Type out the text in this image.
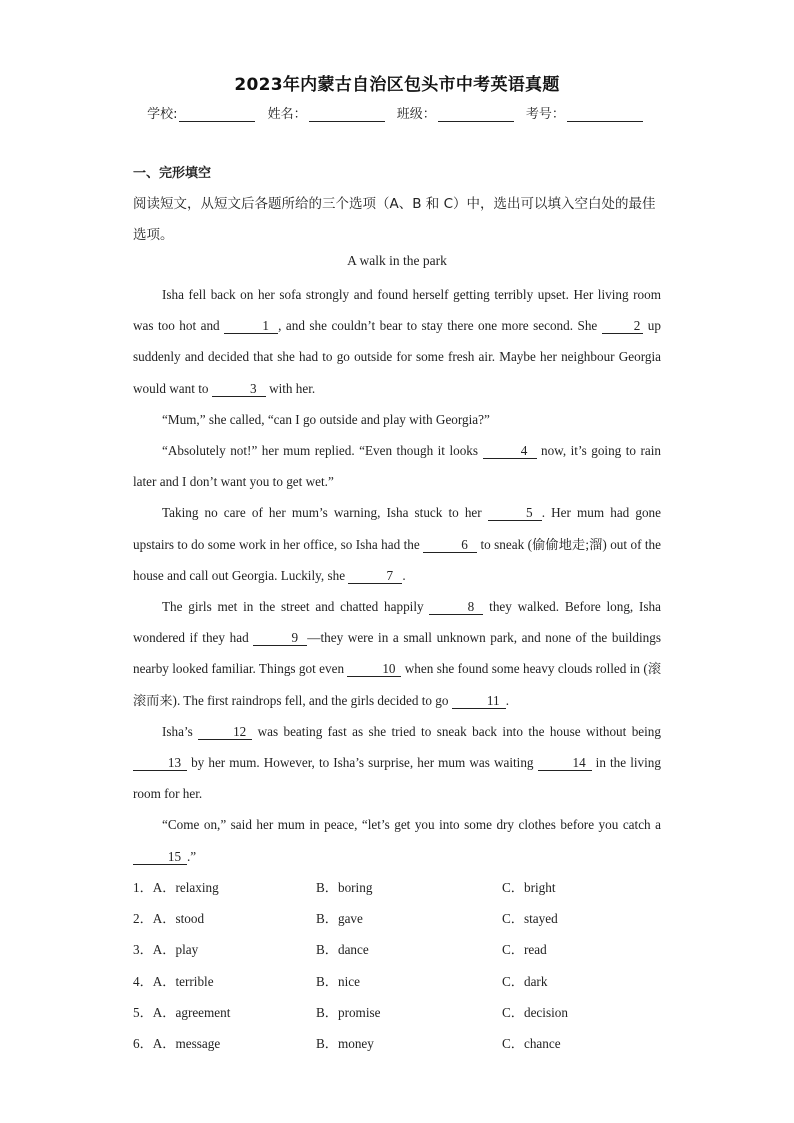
2023年内蒙古自治区包头市中考英语真题
学校:	姓名：	班级：	考号：
一、完形填空
阅读短文，从短文后各题所给的三个选项（A、B 和 C）中，选出可以填入空白处的最佳选项。
A walk in the park

Isha fell back on her sofa strongly and found herself getting terribly upset. Her living room was too hot and	1 , and she couldn’t bear to stay there one more second. She 2 up suddenly and decided that she had to go outside for some fresh air. Maybe her neighbour Georgia would want to	3 with her.

“Mum,” she called, “can I go outside and play with Georgia?”

“Absolutely not!” her mum replied. “Even though it looks	4 now, it’s going to rain later and I don’t want you to get wet.”

Taking no care of her mum’s warning, Isha stuck to her	5 . Her mum had gone upstairs to do some work in her office, so Isha had the	6 to sneak (偷偷地走;溜) out of the house and call out Georgia. Luckily, she	7 .

The girls met in the street and chatted happily	8 they walked. Before long, Isha wondered if they had	9 —they were in a small unknown park, and none of the buildings nearby looked familiar. Things got even	10 when she found some heavy clouds rolled in (滚滚而来). The first raindrops fell, and the girls decided to go	11 .

Isha’s	12 was beating fast as she tried to sneak back into the house without being 13 by her mum. However, to Isha’s surprise, her mum was waiting	14 in the living room for her.

“Come on,” said her mum in peace, “let’s get you into some dry clothes before you catch a 15 .”

1．A．relaxing	B．boring	C．bright
2．A．stood	B．gave	C．stayed
3．A．play	B．dance	C．read
4．A．terrible	B．nice	C．dark
5．A．agreement	B．promise	C．decision
6．A．message	B．money	C．chance
